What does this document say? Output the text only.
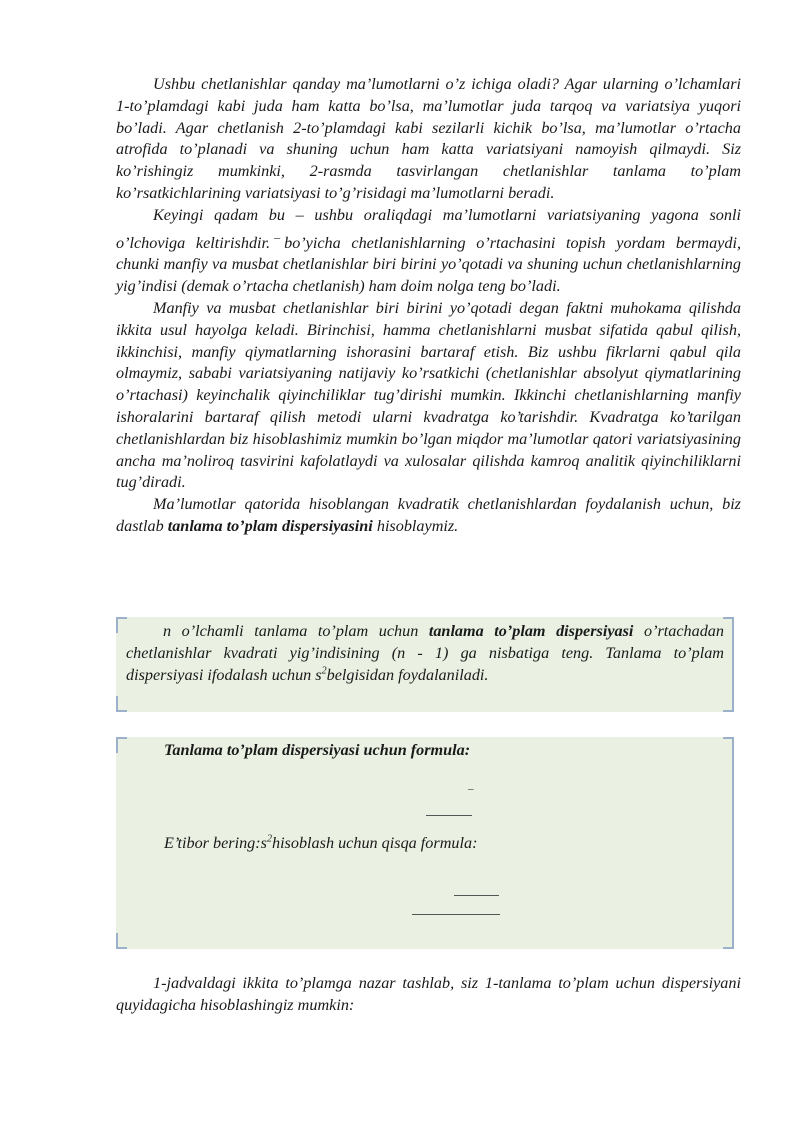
Ushbu chetlanishlar qanday ma’lumotlarni o’z ichiga oladi? Agar ularning o’lchamlari 1-to’plamdagi kabi juda ham katta bo’lsa, ma’lumotlar juda tarqoq va variatsiya yuqori bo’ladi. Agar chetlanish 2-to’plamdagi kabi sezilarli kichik bo’lsa, ma’lumotlar o’rtacha atrofida to’planadi va shuning uchun ham katta variatsiyani namoyish qilmaydi. Siz ko’rishingiz mumkinki, 2-rasmda tasvirlangan chetlanishlar tanlama to’plam ko’rsatkichlarining variatsiyasi to’g’risidagi ma’lumotlarni beradi.

Keyingi qadam bu – ushbu oraliqdagi ma’lumotlarni variatsiyaning yagona sonli o’lchoviga keltirishdir. – bo’yicha chetlanishlarning o’rtachasini topish yordam bermaydi, chunki manfiy va musbat chetlanishlar biri birini yo’qotadi va shuning uchun chetlanishlarning yig’indisi (demak o’rtacha chetlanish) ham doim nolga teng bo’ladi.

Manfiy va musbat chetlanishlar biri birini yo’qotadi degan faktni muhokama qilishda ikkita usul hayolga keladi. Birinchisi, hamma chetlanishlarni musbat sifatida qabul qilish, ikkinchisi, manfiy qiymatlarning ishorasini bartaraf etish. Biz ushbu fikrlarni qabul qila olmaymiz, sababi variatsiyaning natijaviy ko’rsatkichi (chetlanishlar absolyut qiymatlarining o’rtachasi) keyinchalik qiyinchiliklar tug’dirishi mumkin. Ikkinchi chetlanishlarning manfiy ishoralarini bartaraf qilish metodi ularni kvadratga ko’tarishdir. Kvadratga ko’tarilgan chetlanishlardan biz hisoblashimiz mumkin bo’lgan miqdor ma’lumotlar qatori variatsiyasining ancha ma’noliroq tasvirini kafolatlaydi va xulosalar qilishda kamroq analitik qiyinchiliklarni tug’diradi.

Ma’lumotlar qatorida hisoblangan kvadratik chetlanishlardan foydalanish uchun, biz dastlab tanlama to’plam dispersiyasini hisoblaymiz.

n o’lchamli tanlama to’plam uchun tanlama to’plam dispersiyasi o’rtachadan chetlanishlar kvadrati yig’indisining (n - 1) ga nisbatiga teng. Tanlama to’plam dispersiyasi ifodalash uchun $s^2belgisidan$ foydalaniladi.
Tanlama to’plam dispersiyasi uchun formula:
–
E’tibor $bering:s^2hisoblash$ uchun qisqa formula:

1-jadvaldagi ikkita to’plamga nazar tashlab, siz 1-tanlama to’plam uchun dispersiyani quyidagicha hisoblashingiz mumkin:
